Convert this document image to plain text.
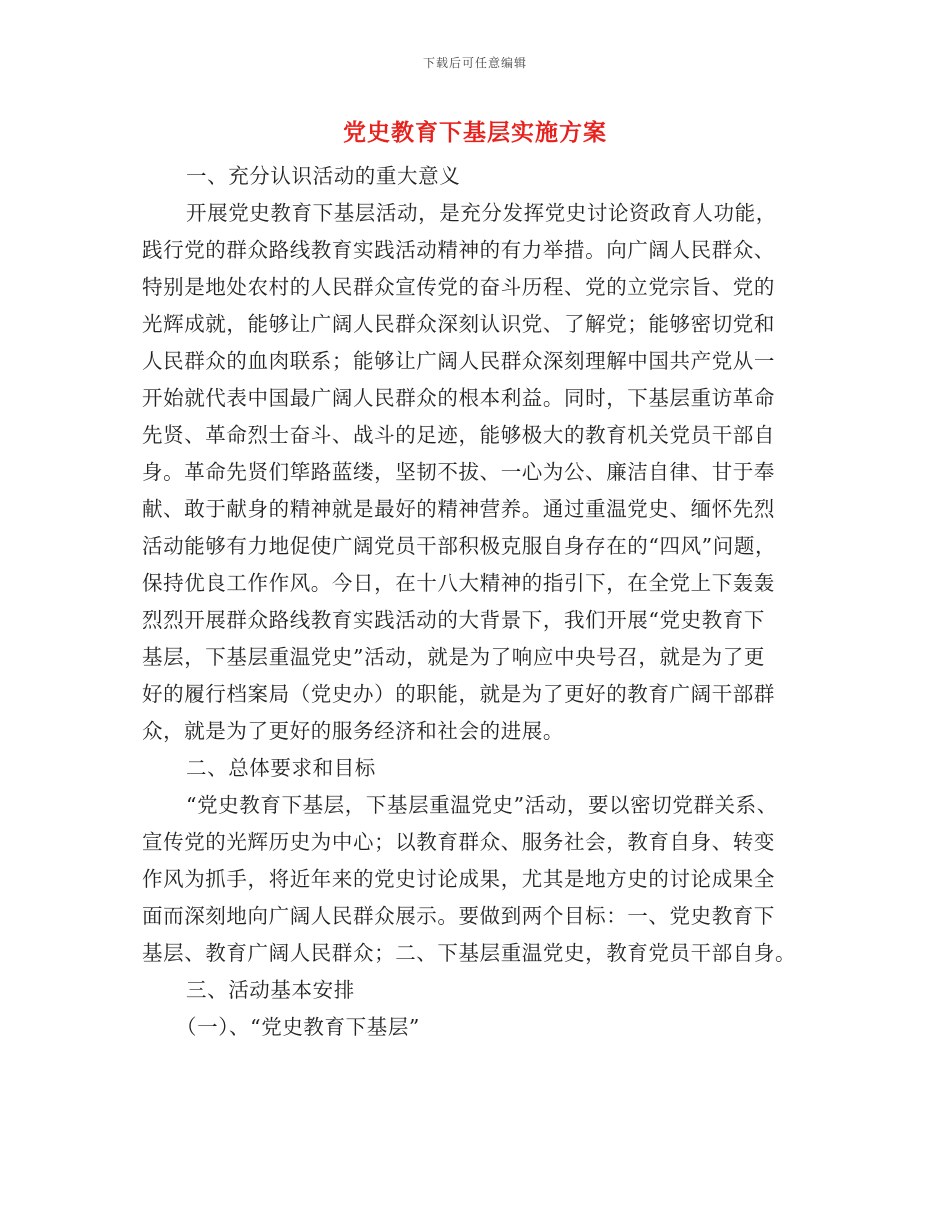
下载后可任意编辑
党史教育下基层实施方案
一、充分认识活动的重大意义
开展党史教育下基层活动，是充分发挥党史讨论资政育人功能，
践行党的群众路线教育实践活动精神的有力举措。向广阔人民群众、
特别是地处农村的人民群众宣传党的奋斗历程、党的立党宗旨、党的
光辉成就，能够让广阔人民群众深刻认识党、了解党；能够密切党和
人民群众的血肉联系；能够让广阔人民群众深刻理解中国共产党从一
开始就代表中国最广阔人民群众的根本利益。同时，下基层重访革命
先贤、革命烈士奋斗、战斗的足迹，能够极大的教育机关党员干部自
身。革命先贤们筚路蓝缕，坚韧不拔、一心为公、廉洁自律、甘于奉
献、敢于献身的精神就是最好的精神营养。通过重温党史、缅怀先烈
活动能够有力地促使广阔党员干部积极克服自身存在的“四风”问题，
保持优良工作作风。今日，在十八大精神的指引下，在全党上下轰轰
烈烈开展群众路线教育实践活动的大背景下，我们开展“党史教育下
基层，下基层重温党史”活动，就是为了响应中央号召，就是为了更
好的履行档案局（党史办）的职能，就是为了更好的教育广阔干部群
众，就是为了更好的服务经济和社会的进展。
二、总体要求和目标
“党史教育下基层，下基层重温党史”活动，要以密切党群关系、
宣传党的光辉历史为中心；以教育群众、服务社会，教育自身、转变
作风为抓手，将近年来的党史讨论成果，尤其是地方史的讨论成果全
面而深刻地向广阔人民群众展示。要做到两个目标：一、党史教育下
基层、教育广阔人民群众；二、下基层重温党史，教育党员干部自身。
三、活动基本安排
（一）、“党史教育下基层”
